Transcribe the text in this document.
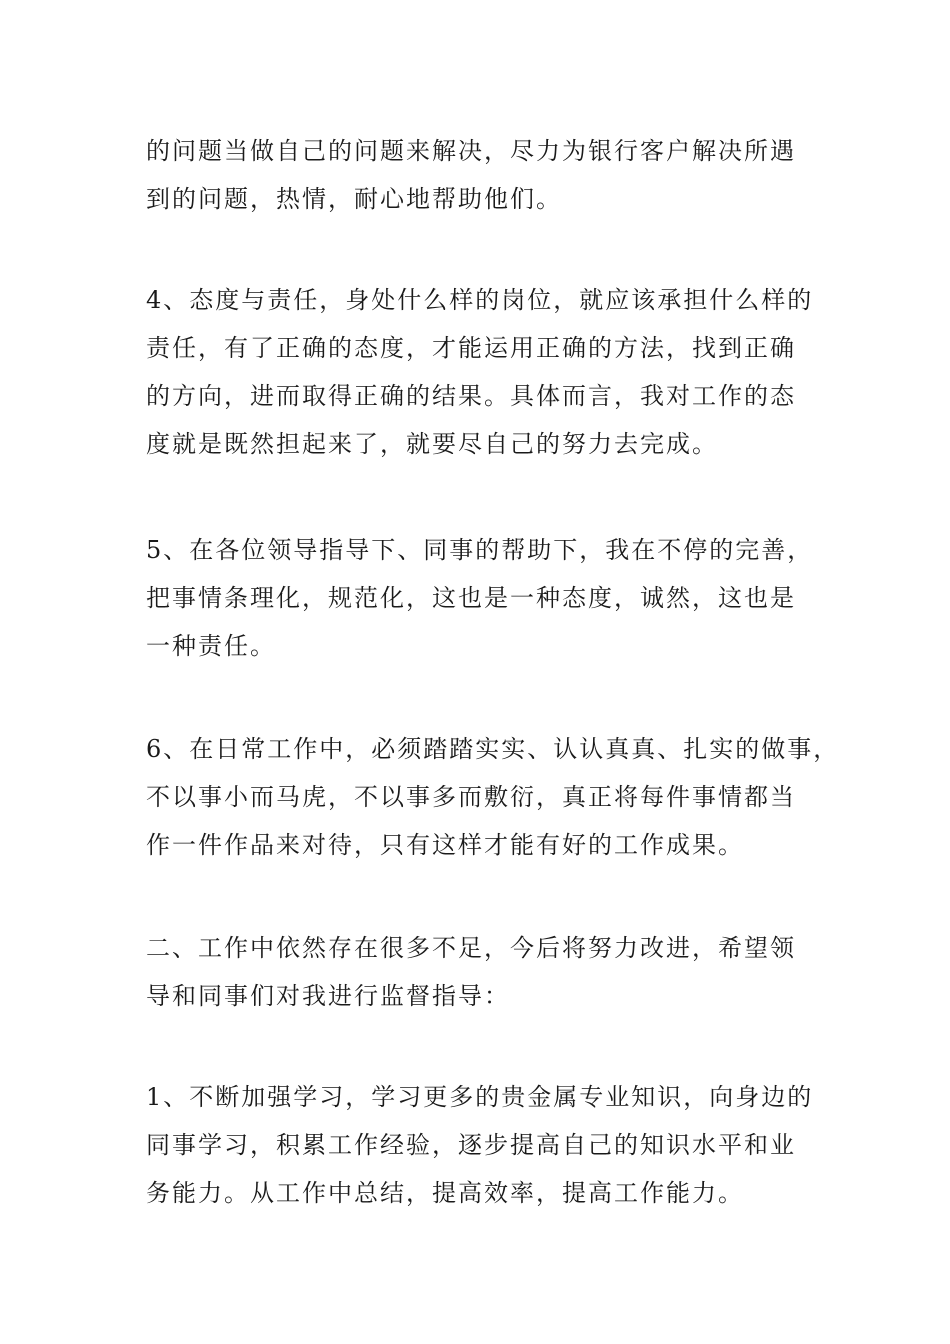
的问题当做自己的问题来解决，尽力为银行客户解决所遇
到的问题，热情，耐心地帮助他们。
4、态度与责任，身处什么样的岗位，就应该承担什么样的
责任，有了正确的态度，才能运用正确的方法，找到正确
的方向，进而取得正确的结果。具体而言，我对工作的态
度就是既然担起来了，就要尽自己的努力去完成。
5、在各位领导指导下、同事的帮助下，我在不停的完善，
把事情条理化，规范化，这也是一种态度，诚然，这也是
一种责任。
6、在日常工作中，必须踏踏实实、认认真真、扎实的做事，
不以事小而马虎，不以事多而敷衍，真正将每件事情都当
作一件作品来对待，只有这样才能有好的工作成果。
二、工作中依然存在很多不足，今后将努力改进，希望领
导和同事们对我进行监督指导：
1、不断加强学习，学习更多的贵金属专业知识，向身边的
同事学习，积累工作经验，逐步提高自己的知识水平和业
务能力。从工作中总结，提高效率，提高工作能力。
